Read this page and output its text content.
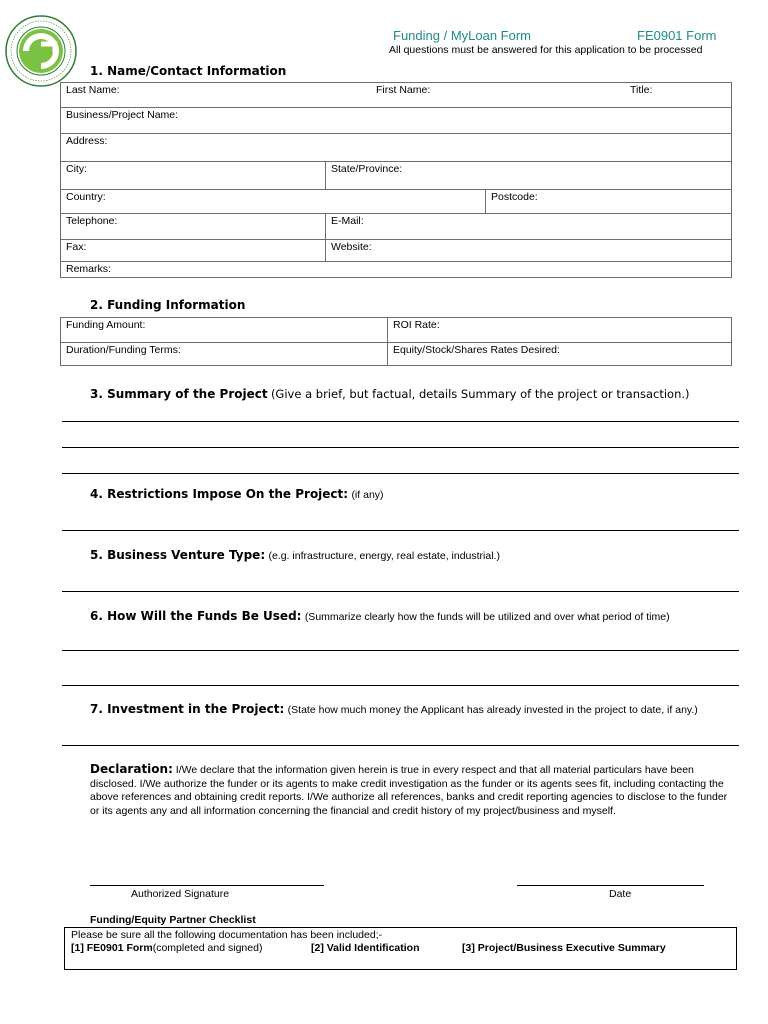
Funding / MyLoan Form	FE0901 Form
All questions must be answered for this application to be processed
1. Name/Contact Information
Last Name:	First Name:	Title:
Business/Project Name:
Address:
City:	State/Province:
Country:	Postcode:
Telephone:	E-Mail:
Fax:	Website:
Remarks:
2. Funding Information
Funding Amount:	ROI Rate:
Duration/Funding Terms:	Equity/Stock/Shares Rates Desired:
3. Summary of the Project (Give a brief, but factual, details Summary of the project or transaction.)
4. Restrictions Impose On the Project: (if any)
5. Business Venture Type: (e.g. infrastructure, energy, real estate, industrial.)
6. How Will the Funds Be Used: (Summarize clearly how the funds will be utilized and over what period of time)
7. Investment in the Project: (State how much money the Applicant has already invested in the project to date, if any.)
Declaration: I/We declare that the information given herein is true in every respect and that all material particulars have been disclosed. I/We authorize the funder or its agents to make credit investigation as the funder or its agents sees fit, including contacting the above references and obtaining credit reports. I/We authorize all references, banks and credit reporting agencies to disclose to the funder or its agents any and all information concerning the financial and credit history of my project/business and myself.
Authorized Signature	Date
Funding/Equity Partner Checklist
Please be sure all the following documentation has been included;-
[1] FE0901 Form(completed and signed)	[2] Valid Identification	[3] Project/Business Executive Summary
